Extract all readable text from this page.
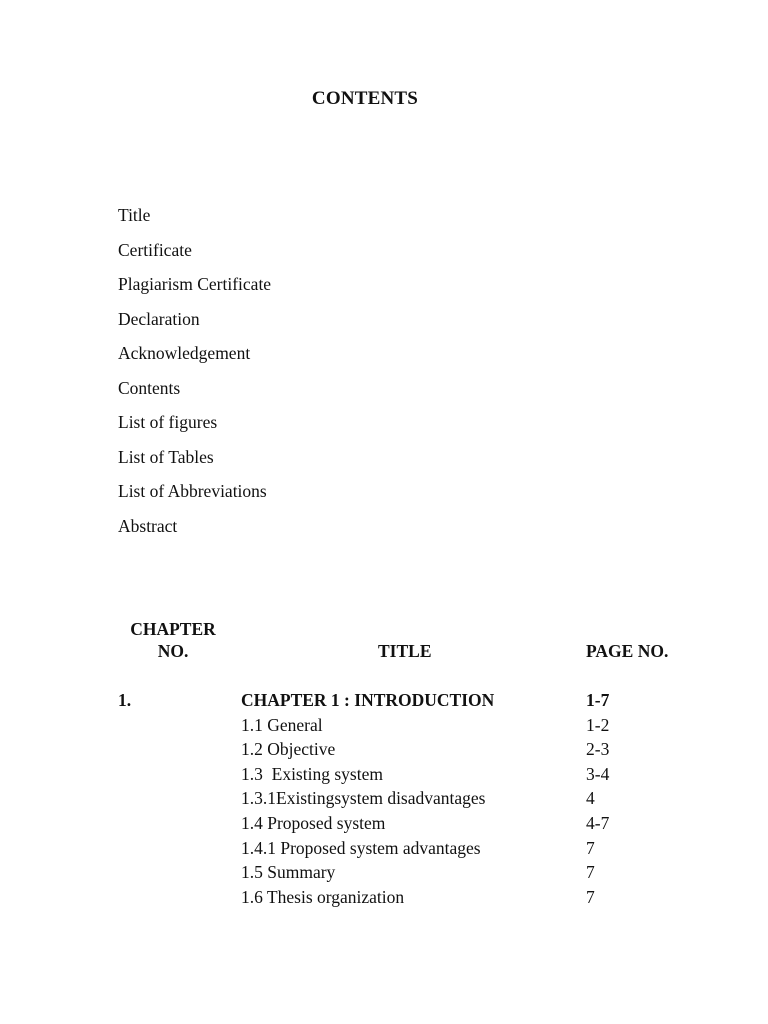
CONTENTS
Title
Certificate
Plagiarism Certificate
Declaration
Acknowledgement
Contents
List of figures
List of Tables
List of Abbreviations
Abstract
CHAPTER
NO.	TITLE	PAGE NO.
1.	CHAPTER 1 : INTRODUCTION	1-7
1.1 General	1-2
1.2 Objective	2-3
1.3  Existing system	3-4
1.3.1Existingsystem disadvantages	4
1.4 Proposed system	4-7
1.4.1 Proposed system advantages	7
1.5 Summary	7
1.6 Thesis organization	7
